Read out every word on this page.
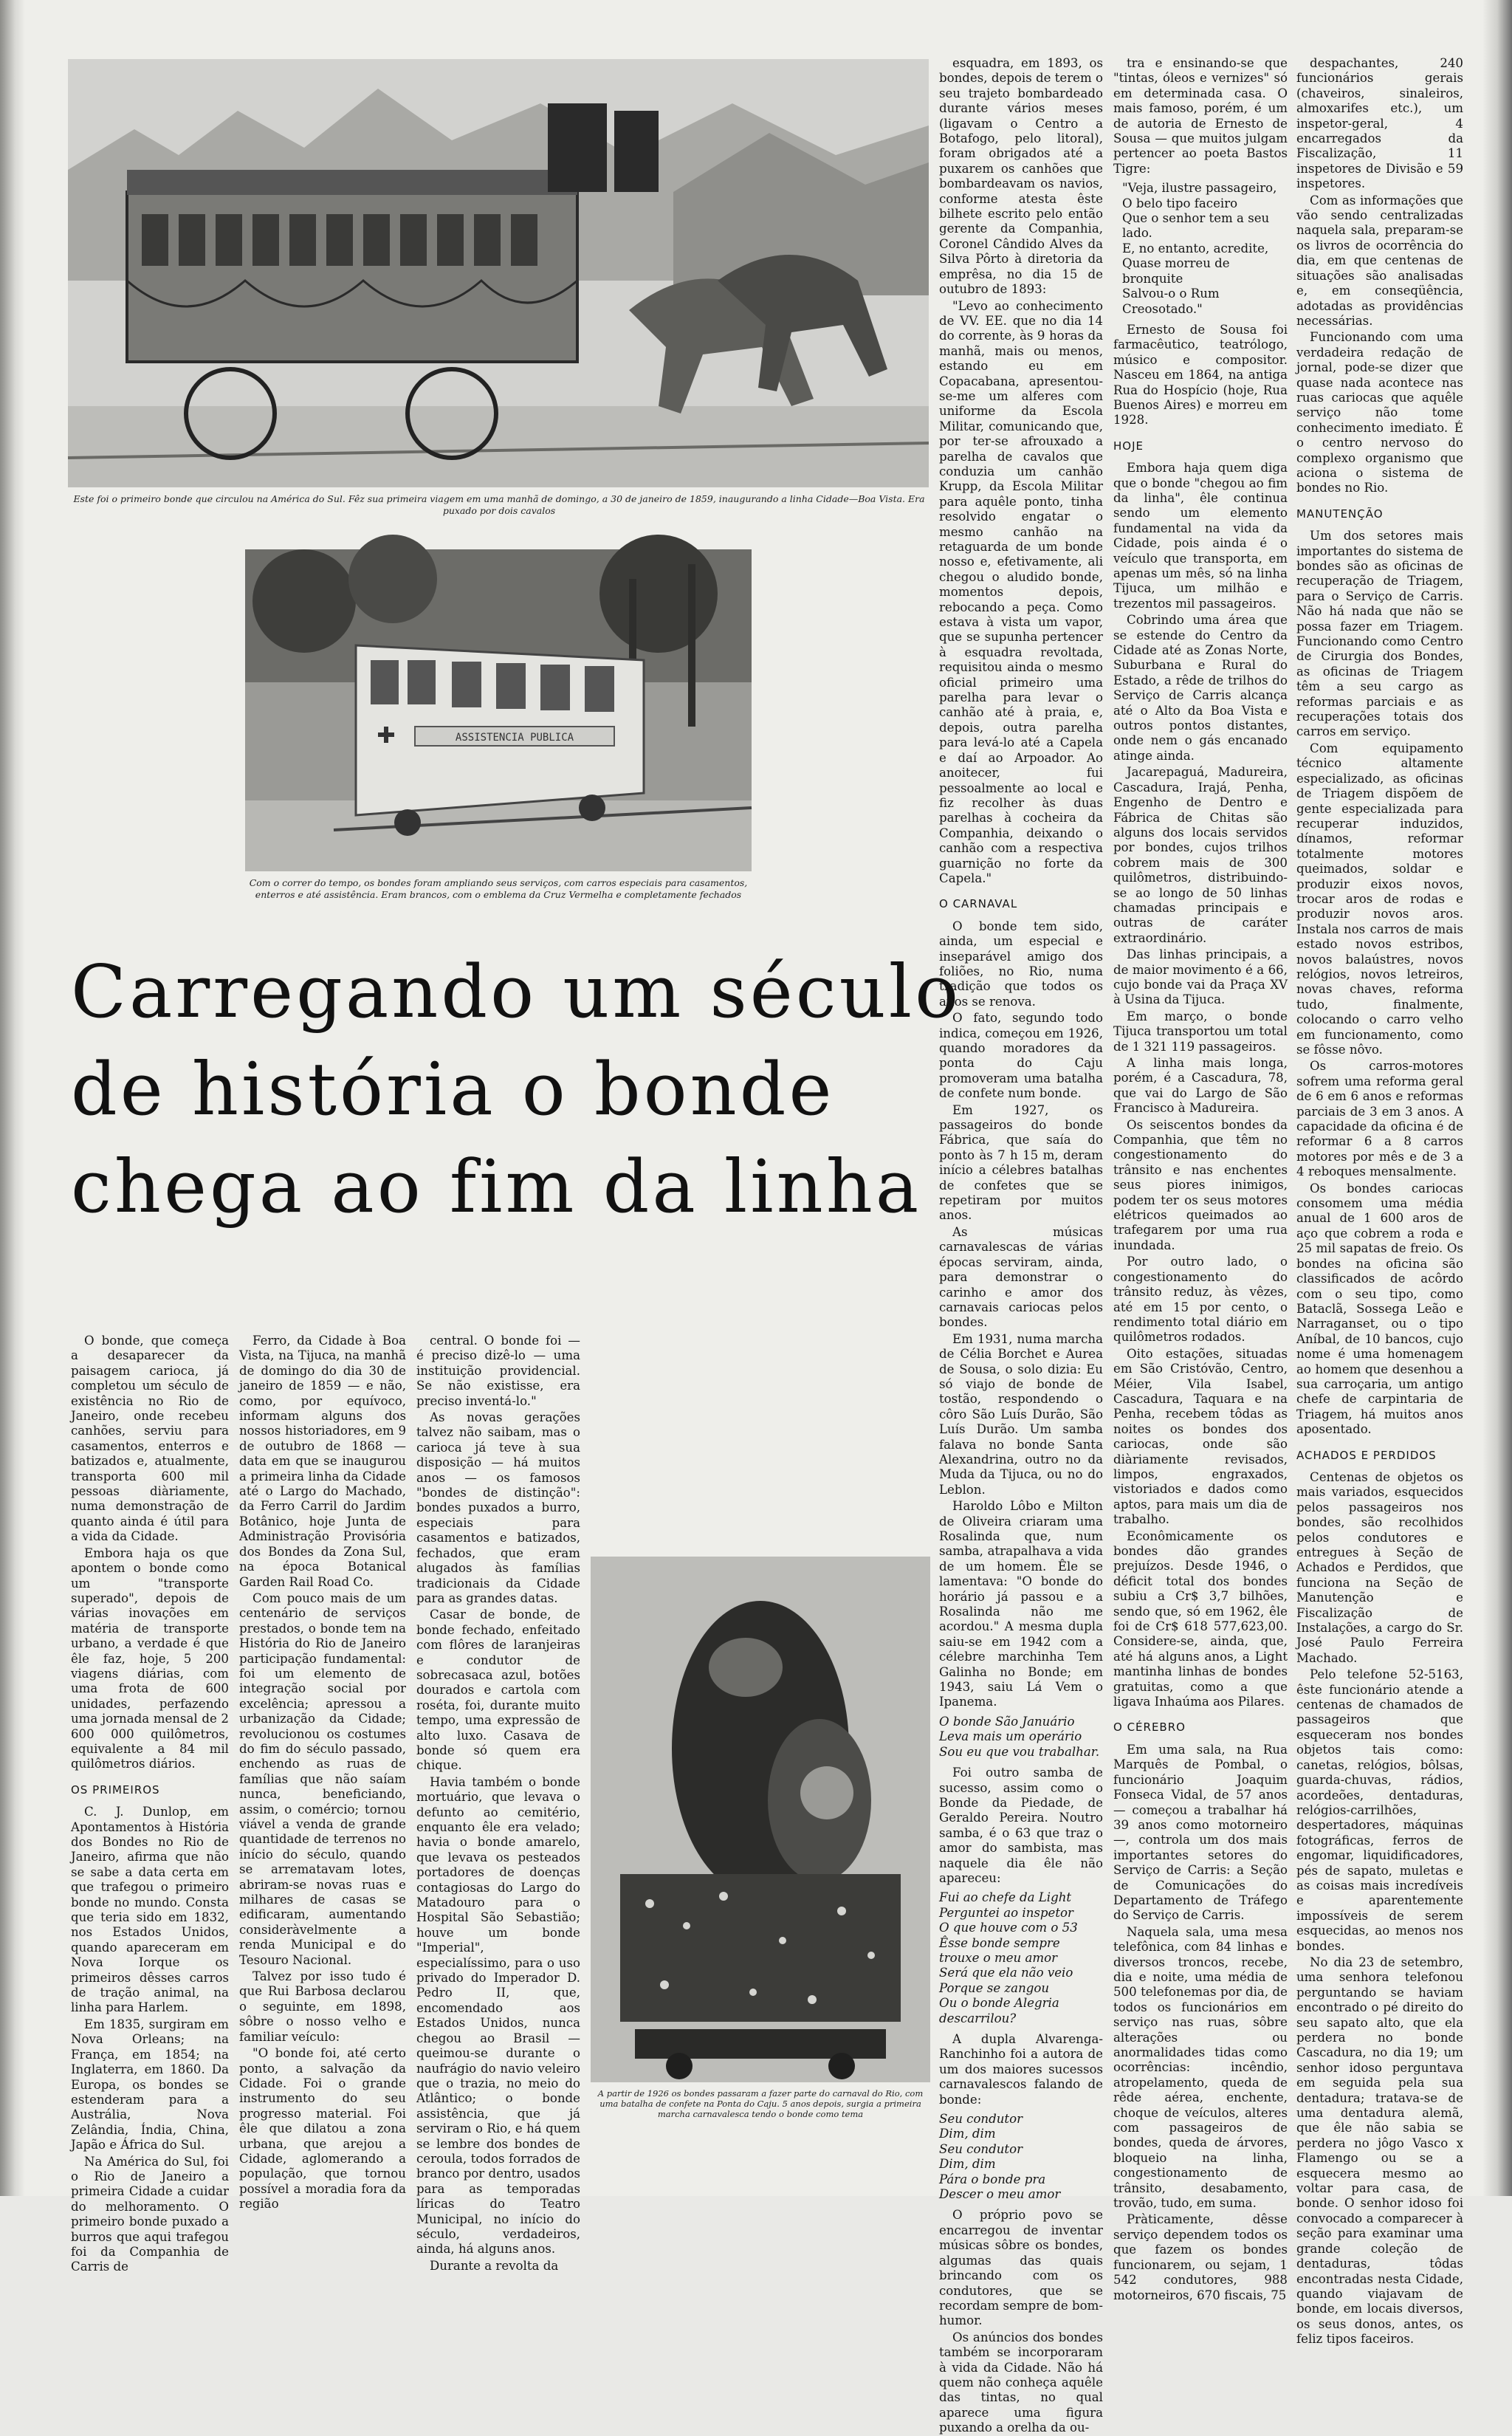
Este foi o primeiro bonde que circulou na América do Sul. Fêz sua primeira viagem em uma manhã de domingo, a 30 de janeiro de 1859, inaugurando a linha Cidade—Boa Vista. Era puxado por dois cavalos
ASSISTENCIA PUBLICA
Com o correr do tempo, os bondes foram ampliando seus serviços, com carros especiais para casamentos, enterros e até assistência. Eram brancos, com o emblema da Cruz Vermelha e completamente fechados
Carregando um século
de história o bonde
chega ao fim da linha
A partir de 1926 os bondes passaram a fazer parte do carnaval do Rio, com uma batalha de confete na Ponta do Caju. 5 anos depois, surgia a primeira marcha carnavalesca tendo o bonde como tema

O bonde, que começa a desaparecer da paisagem carioca, já completou um século de existência no Rio de Janeiro, onde recebeu canhões, serviu para casamentos, enterros e batizados e, atualmente, transporta 600 mil pessoas diàriamente, numa demonstração de quanto ainda é útil para a vida da Cidade.

Embora haja os que apontem o bonde como um "transporte superado", depois de várias inovações em matéria de transporte urbano, a verdade é que êle faz, hoje, 5 200 viagens diárias, com uma frota de 600 unidades, perfazendo uma jornada mensal de 2 600 000 quilômetros, equivalente a 84 mil quilômetros diários.

OS PRIMEIROS

C. J. Dunlop, em Apontamentos à História dos Bondes no Rio de Janeiro, afirma que não se sabe a data certa em que trafegou o primeiro bonde no mundo. Consta que teria sido em 1832, nos Estados Unidos, quando apareceram em Nova Iorque os primeiros dêsses carros de tração animal, na linha para Harlem.

Em 1835, surgiram em Nova Orleans; na França, em 1854; na Inglaterra, em 1860. Da Europa, os bondes se estenderam para a Austrália, Nova Zelândia, Índia, China, Japão e África do Sul.

Na América do Sul, foi o Rio de Janeiro a primeira Cidade a cuidar do melhoramento. O primeiro bonde puxado a burros que aqui trafegou foi da Companhia de Carris de

Ferro, da Cidade à Boa Vista, na Tijuca, na manhã de domingo do dia 30 de janeiro de 1859 — e não, como, por equívoco, informam alguns dos nossos historiadores, em 9 de outubro de 1868 — data em que se inaugurou a primeira linha da Cidade até o Largo do Machado, da Ferro Carril do Jardim Botânico, hoje Junta de Administração Provisória dos Bondes da Zona Sul, na época Botanical Garden Rail Road Co.

Com pouco mais de um centenário de serviços prestados, o bonde tem na História do Rio de Janeiro participação fundamental: foi um elemento de integração social por excelência; apressou a urbanização da Cidade; revolucionou os costumes do fim do século passado, enchendo as ruas de famílias que não saíam nunca, beneficiando, assim, o comércio; tornou viável a venda de grande quantidade de terrenos no início do século, quando se arrematavam lotes, abriram-se novas ruas e milhares de casas se edificaram, aumentando consideràvelmente a renda Municipal e do Tesouro Nacional.

Talvez por isso tudo é que Rui Barbosa declarou o seguinte, em 1898, sôbre o nosso velho e familiar veículo:

"O bonde foi, até certo ponto, a salvação da Cidade. Foi o grande instrumento do seu progresso material. Foi êle que dilatou a zona urbana, que arejou a Cidade, aglomerando a população, que tornou possível a moradia fora da região

central. O bonde foi — é preciso dizê-lo — uma instituição providencial. Se não existisse, era preciso inventá-lo."

As novas gerações talvez não saibam, mas o carioca já teve à sua disposição — há muitos anos — os famosos "bondes de distinção": bondes puxados a burro, especiais para casamentos e batizados, fechados, que eram alugados às famílias tradicionais da Cidade para as grandes datas.

Casar de bonde, de bonde fechado, enfeitado com flôres de laranjeiras e condutor de sobrecasaca azul, botões dourados e cartola com roséta, foi, durante muito tempo, uma expressão de alto luxo. Casava de bonde só quem era chique.

Havia também o bonde mortuário, que levava o defunto ao cemitério, enquanto êle era velado; havia o bonde amarelo, que levava os pesteados portadores de doenças contagiosas do Largo do Matadouro para o Hospital São Sebastião; houve um bonde "Imperial", especialíssimo, para o uso privado do Imperador D. Pedro II, que, encomendado aos Estados Unidos, nunca chegou ao Brasil — queimou-se durante o naufrágio do navio veleiro que o trazia, no meio do Atlântico; o bonde assistência, que já serviram o Rio, e há quem se lembre dos bondes de ceroula, todos forrados de branco por dentro, usados para as temporadas líricas do Teatro Municipal, no início do século, verdadeiros, ainda, há alguns anos.

Durante a revolta da

esquadra, em 1893, os bondes, depois de terem o seu trajeto bombardeado durante vários meses (ligavam o Centro a Botafogo, pelo litoral), foram obrigados até a puxarem os canhões que bombardeavam os navios, conforme atesta êste bilhete escrito pelo então gerente da Companhia, Coronel Cândido Alves da Silva Pôrto à diretoria da emprêsa, no dia 15 de outubro de 1893:

"Levo ao conhecimento de VV. EE. que no dia 14 do corrente, às 9 horas da manhã, mais ou menos, estando eu em Copacabana, apresentou-se-me um alferes com uniforme da Escola Militar, comunicando que, por ter-se afrouxado a parelha de cavalos que conduzia um canhão Krupp, da Escola Militar para aquêle ponto, tinha resolvido engatar o mesmo canhão na retaguarda de um bonde nosso e, efetivamente, ali chegou o aludido bonde, momentos depois, rebocando a peça. Como estava à vista um vapor, que se supunha pertencer à esquadra revoltada, requisitou ainda o mesmo oficial primeiro uma parelha para levar o canhão até à praia, e, depois, outra parelha para levá-lo até a Capela e daí ao Arpoador. Ao anoitecer, fui pessoalmente ao local e fiz recolher às duas parelhas à cocheira da Companhia, deixando o canhão com a respectiva guarnição no forte da Capela."

O CARNAVAL

O bonde tem sido, ainda, um especial e inseparável amigo dos foliões, no Rio, numa tradição que todos os anos se renova.

O fato, segundo todo indica, começou em 1926, quando moradores da ponta do Caju promoveram uma batalha de confete num bonde.

Em 1927, os passageiros do bonde Fábrica, que saía do ponto às 7 h 15 m, deram início a célebres batalhas de confetes que se repetiram por muitos anos.

As músicas carnavalescas de várias épocas serviram, ainda, para demonstrar o carinho e amor dos carnavais cariocas pelos bondes.

Em 1931, numa marcha de Célia Borchet e Aurea de Sousa, o solo dizia: Eu só viajo de bonde de tostão, respondendo o côro São Luís Durão, São Luís Durão. Um samba falava no bonde Santa Alexandrina, outro no da Muda da Tijuca, ou no do Leblon.

Haroldo Lôbo e Milton de Oliveira criaram uma Rosalinda que, num samba, atrapalhava a vida de um homem. Êle se lamentava: "O bonde do horário já passou e a Rosalinda não me acordou." A mesma dupla saiu-se em 1942 com a célebre marchinha Tem Galinha no Bonde; em 1943, saiu Lá Vem o Ipanema.

O bonde São Januário Leva mais um operário Sou eu que vou trabalhar.

Foi outro samba de sucesso, assim como o Bonde da Piedade, de Geraldo Pereira. Noutro samba, é o 63 que traz o amor do sambista, mas naquele dia êle não apareceu:

Fui ao chefe da Light
Perguntei ao inspetor
O que houve com o 53
Êsse bonde sempre trouxe o meu amor
Será que ela não veio
Porque se zangou
Ou o bonde Alegria descarrilou?

A dupla Alvarenga-Ranchinho foi a autora de um dos maiores sucessos carnavalescos falando de bonde:

Seu condutor
Dim, dim
Seu condutor
Dim, dim
Pára o bonde pra
Descer o meu amor

O próprio povo se encarregou de inventar músicas sôbre os bondes, algumas das quais brincando com os condutores, que se recordam sempre de bom-humor.

Os anúncios dos bondes também se incorporaram à vida da Cidade. Não há quem não conheça aquêle das tintas, no qual aparece uma figura puxando a orelha da ou-

tra e ensinando-se que "tintas, óleos e vernizes" só em determinada casa. O mais famoso, porém, é um de autoria de Ernesto de Sousa — que muitos julgam pertencer ao poeta Bastos Tigre:

"Veja, ilustre passageiro,
O belo tipo faceiro
Que o senhor tem a seu lado.
E, no entanto, acredite,
Quase morreu de bronquite
Salvou-o o Rum Creosotado."

Ernesto de Sousa foi farmacêutico, teatrólogo, músico e compositor. Nasceu em 1864, na antiga Rua do Hospício (hoje, Rua Buenos Aires) e morreu em 1928.

HOJE

Embora haja quem diga que o bonde "chegou ao fim da linha", êle continua sendo um elemento fundamental na vida da Cidade, pois ainda é o veículo que transporta, em apenas um mês, só na linha Tijuca, um milhão e trezentos mil passageiros.

Cobrindo uma área que se estende do Centro da Cidade até as Zonas Norte, Suburbana e Rural do Estado, a rêde de trilhos do Serviço de Carris alcança até o Alto da Boa Vista e outros pontos distantes, onde nem o gás encanado atinge ainda.

Jacarepaguá, Madureira, Cascadura, Irajá, Penha, Engenho de Dentro e Fábrica de Chitas são alguns dos locais servidos por bondes, cujos trilhos cobrem mais de 300 quilômetros, distribuindo-se ao longo de 50 linhas chamadas principais e outras de caráter extraordinário.

Das linhas principais, a de maior movimento é a 66, cujo bonde vai da Praça XV à Usina da Tijuca.

Em março, o bonde Tijuca transportou um total de 1 321 119 passageiros.

A linha mais longa, porém, é a Cascadura, 78, que vai do Largo de São Francisco à Madureira.

Os seiscentos bondes da Companhia, que têm no congestionamento do trânsito e nas enchentes seus piores inimigos, podem ter os seus motores elétricos queimados ao trafegarem por uma rua inundada.

Por outro lado, o congestionamento do trânsito reduz, às vêzes, até em 15 por cento, o rendimento total diário em quilômetros rodados.

Oito estações, situadas em São Cristóvão, Centro, Méier, Vila Isabel, Cascadura, Taquara e na Penha, recebem tôdas as noites os bondes dos cariocas, onde são diàriamente revisados, limpos, engraxados, vistoriados e dados como aptos, para mais um dia de trabalho.

Econômicamente os bondes dão grandes prejuízos. Desde 1946, o déficit total dos bondes subiu a Cr$ 3,7 bilhões, sendo que, só em 1962, êle foi de Cr$ 618 577,623,00. Considere-se, ainda, que, até há alguns anos, a Light mantinha linhas de bondes gratuitas, como a que ligava Inhaúma aos Pilares.

O CÉREBRO

Em uma sala, na Rua Marquês de Pombal, o funcionário Joaquim Fonseca Vidal, de 57 anos — começou a trabalhar há 39 anos como motorneiro —, controla um dos mais importantes setores do Serviço de Carris: a Seção de Comunicações do Departamento de Tráfego do Serviço de Carris.

Naquela sala, uma mesa telefônica, com 84 linhas e diversos troncos, recebe, dia e noite, uma média de 500 telefonemas por dia, de todos os funcionários em serviço nas ruas, sôbre alterações ou anormalidades tidas como ocorrências: incêndio, atropelamento, queda de rêde aérea, enchente, choque de veículos, alteres com passageiros de bondes, queda de árvores, bloqueio na linha, congestionamento de trânsito, desabamento, trovão, tudo, em suma.

Pràticamente, dêsse serviço dependem todos os que fazem os bondes funcionarem, ou sejam, 1 542 condutores, 988 motorneiros, 670 fiscais, 75

despachantes, 240 funcionários gerais (chaveiros, sinaleiros, almoxarifes etc.), um inspetor-geral, 4 encarregados da Fiscalização, 11 inspetores de Divisão e 59 inspetores.

Com as informações que vão sendo centralizadas naquela sala, preparam-se os livros de ocorrência do dia, em que centenas de situações são analisadas e, em conseqüência, adotadas as providências necessárias.

Funcionando com uma verdadeira redação de jornal, pode-se dizer que quase nada acontece nas ruas cariocas que aquêle serviço não tome conhecimento imediato. É o centro nervoso do complexo organismo que aciona o sistema de bondes no Rio.

MANUTENÇÃO

Um dos setores mais importantes do sistema de bondes são as oficinas de recuperação de Triagem, para o Serviço de Carris. Não há nada que não se possa fazer em Triagem. Funcionando como Centro de Cirurgia dos Bondes, as oficinas de Triagem têm a seu cargo as reformas parciais e as recuperações totais dos carros em serviço.

Com equipamento técnico altamente especializado, as oficinas de Triagem dispõem de gente especializada para recuperar induzidos, dínamos, reformar totalmente motores queimados, soldar e produzir eixos novos, trocar aros de rodas e produzir novos aros. Instala nos carros de mais estado novos estribos, novos balaústres, novos relógios, novos letreiros, novas chaves, reforma tudo, finalmente, colocando o carro velho em funcionamento, como se fôsse nôvo.

Os carros-motores sofrem uma reforma geral de 6 em 6 anos e reformas parciais de 3 em 3 anos. A capacidade da oficina é de reformar 6 a 8 carros motores por mês e de 3 a 4 reboques mensalmente.

Os bondes cariocas consomem uma média anual de 1 600 aros de aço que cobrem a roda e 25 mil sapatas de freio. Os bondes na oficina são classificados de acôrdo com o seu tipo, como Bataclã, Sossega Leão e Narraganset, ou o tipo Aníbal, de 10 bancos, cujo nome é uma homenagem ao homem que desenhou a sua carroçaria, um antigo chefe de carpintaria de Triagem, há muitos anos aposentado.

ACHADOS E PERDIDOS

Centenas de objetos os mais variados, esquecidos pelos passageiros nos bondes, são recolhidos pelos condutores e entregues à Seção de Achados e Perdidos, que funciona na Seção de Manutenção e Fiscalização de Instalações, a cargo do Sr. José Paulo Ferreira Machado.

Pelo telefone 52-5163, êste funcionário atende a centenas de chamados de passageiros que esqueceram nos bondes objetos tais como: canetas, relógios, bôlsas, guarda-chuvas, rádios, acordeões, dentaduras, relógios-carrilhões, despertadores, máquinas fotográficas, ferros de engomar, liquidificadores, pés de sapato, muletas e as coisas mais incredíveis e aparentemente impossíveis de serem esquecidas, ao menos nos bondes.

No dia 23 de setembro, uma senhora telefonou perguntando se haviam encontrado o pé direito do seu sapato alto, que ela perdera no bonde Cascadura, no dia 19; um senhor idoso perguntava em seguida pela sua dentadura; tratava-se de uma dentadura alemã, que êle não sabia se perdera no jôgo Vasco x Flamengo ou se a esquecera mesmo ao voltar para casa, de bonde. O senhor idoso foi convocado a comparecer à seção para examinar uma grande coleção de dentaduras, tôdas encontradas nesta Cidade, quando viajavam de bonde, em locais diversos, os seus donos, antes, os feliz tipos faceiros.
